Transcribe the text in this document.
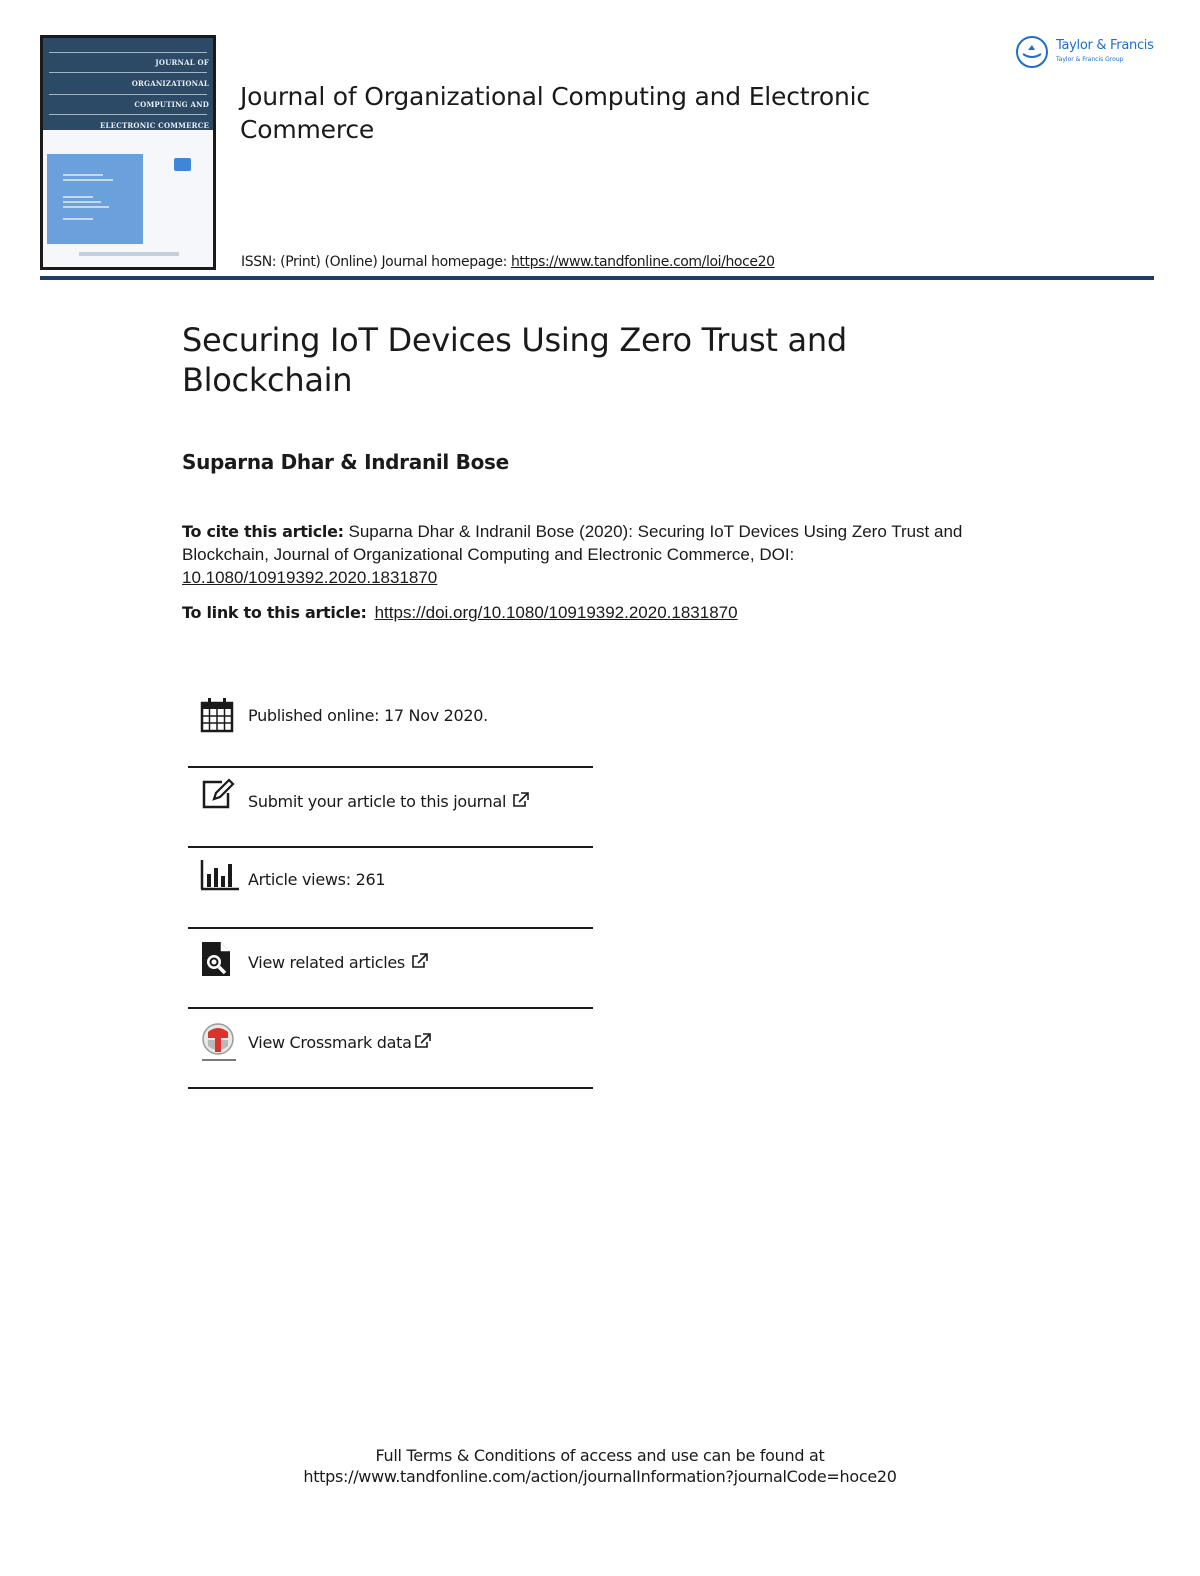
JOURNAL OF
ORGANIZATIONAL
COMPUTING AND
ELECTRONIC COMMERCE
Journal of Organizational Computing and Electronic Commerce
ISSN: (Print) (Online) Journal homepage: https://www.tandfonline.com/loi/hoce20
Taylor & Francis
Taylor & Francis Group
Securing IoT Devices Using Zero Trust and Blockchain
Suparna Dhar & Indranil Bose
To cite this article: Suparna Dhar & Indranil Bose (2020): Securing IoT Devices Using Zero Trust and Blockchain, Journal of Organizational Computing and Electronic Commerce, DOI: 10.1080/10919392.2020.1831870
To link to this article: https://doi.org/10.1080/10919392.2020.1831870
Published online: 17 Nov 2020.
Submit your article to this journal
Article views: 261
View related articles
View Crossmark data
Full Terms & Conditions of access and use can be found at
https://www.tandfonline.com/action/journalInformation?journalCode=hoce20
